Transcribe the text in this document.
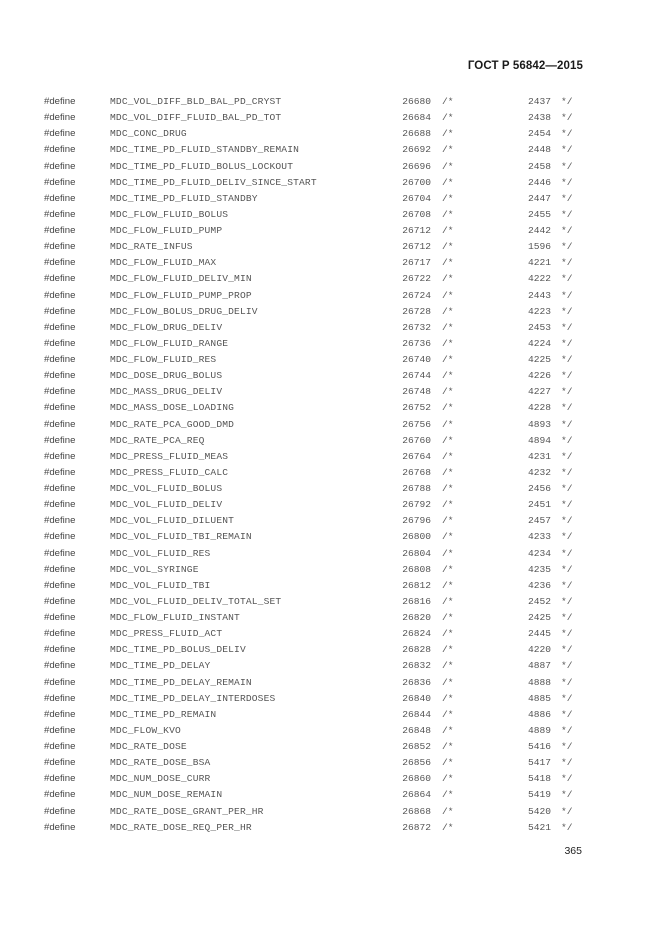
ГОСТ Р 56842—2015
#define	MDC_VOL_DIFF_BLD_BAL_PD_CRYST	26680 /*	2437 */
#define	MDC_VOL_DIFF_FLUID_BAL_PD_TOT	26684 /*	2438 */
#define	MDC_CONC_DRUG	26688 /*	2454 */
#define	MDC_TIME_PD_FLUID_STANDBY_REMAIN	26692 /*	2448 */
#define	MDC_TIME_PD_FLUID_BOLUS_LOCKOUT	26696 /*	2458 */
#define	MDC_TIME_PD_FLUID_DELIV_SINCE_START	26700 /*	2446 */
#define	MDC_TIME_PD_FLUID_STANDBY	26704 /*	2447 */
#define	MDC_FLOW_FLUID_BOLUS	26708 /*	2455 */
#define	MDC_FLOW_FLUID_PUMP	26712 /*	2442 */
#define	MDC_RATE_INFUS	26712 /*	1596 */
#define	MDC_FLOW_FLUID_MAX	26717 /*	4221 */
#define	MDC_FLOW_FLUID_DELIV_MIN	26722 /*	4222 */
#define	MDC_FLOW_FLUID_PUMP_PROP	26724 /*	2443 */
#define	MDC_FLOW_BOLUS_DRUG_DELIV	26728 /*	4223 */
#define	MDC_FLOW_DRUG_DELIV	26732 /*	2453 */
#define	MDC_FLOW_FLUID_RANGE	26736 /*	4224 */
#define	MDC_FLOW_FLUID_RES	26740 /*	4225 */
#define	MDC_DOSE_DRUG_BOLUS	26744 /*	4226 */
#define	MDC_MASS_DRUG_DELIV	26748 /*	4227 */
#define	MDC_MASS_DOSE_LOADING	26752 /*	4228 */
#define	MDC_RATE_PCA_GOOD_DMD	26756 /*	4893 */
#define	MDC_RATE_PCA_REQ	26760 /*	4894 */
#define	MDC_PRESS_FLUID_MEAS	26764 /*	4231 */
#define	MDC_PRESS_FLUID_CALC	26768 /*	4232 */
#define	MDC_VOL_FLUID_BOLUS	26788 /*	2456 */
#define	MDC_VOL_FLUID_DELIV	26792 /*	2451 */
#define	MDC_VOL_FLUID_DILUENT	26796 /*	2457 */
#define	MDC_VOL_FLUID_TBI_REMAIN	26800 /*	4233 */
#define	MDC_VOL_FLUID_RES	26804 /*	4234 */
#define	MDC_VOL_SYRINGE	26808 /*	4235 */
#define	MDC_VOL_FLUID_TBI	26812 /*	4236 */
#define	MDC_VOL_FLUID_DELIV_TOTAL_SET	26816 /*	2452 */
#define	MDC_FLOW_FLUID_INSTANT	26820 /*	2425 */
#define	MDC_PRESS_FLUID_ACT	26824 /*	2445 */
#define	MDC_TIME_PD_BOLUS_DELIV	26828 /*	4220 */
#define	MDC_TIME_PD_DELAY	26832 /*	4887 */
#define	MDC_TIME_PD_DELAY_REMAIN	26836 /*	4888 */
#define	MDC_TIME_PD_DELAY_INTERDOSES	26840 /*	4885 */
#define	MDC_TIME_PD_REMAIN	26844 /*	4886 */
#define	MDC_FLOW_KVO	26848 /*	4889 */
#define	MDC_RATE_DOSE	26852 /*	5416 */
#define	MDC_RATE_DOSE_BSA	26856 /*	5417 */
#define	MDC_NUM_DOSE_CURR	26860 /*	5418 */
#define	MDC_NUM_DOSE_REMAIN	26864 /*	5419 */
#define	MDC_RATE_DOSE_GRANT_PER_HR	26868 /*	5420 */
#define	MDC_RATE_DOSE_REQ_PER_HR	26872 /*	5421 */
365
